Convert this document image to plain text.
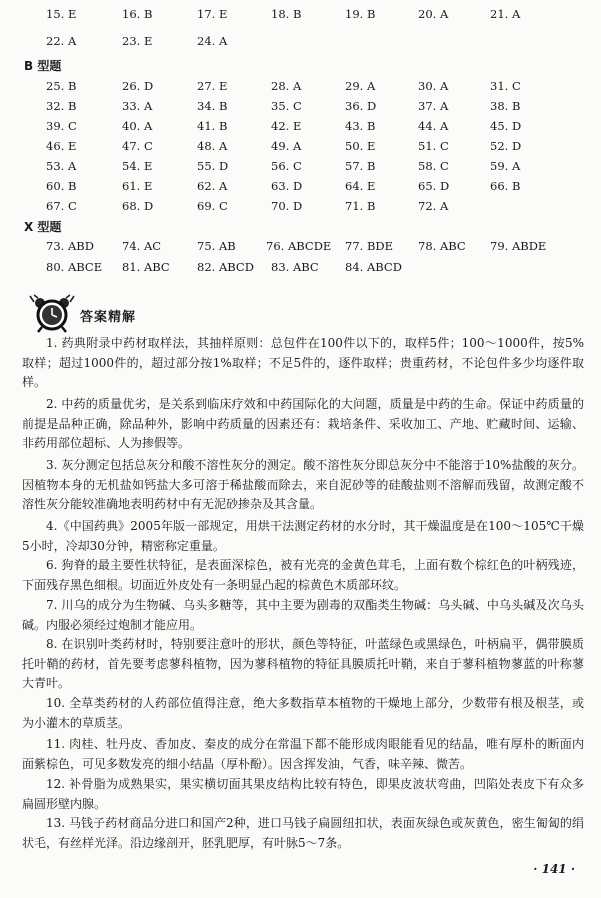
15. E	16. B	17. E	18. B	19. B	20. A	21. A
22. A	23. E	24. A
B 型题
25. B	26. D	27. E	28. A	29. A	30. A	31. C
32. B	33. A	34. B	35. C	36. D	37. A	38. B
39. C	40. A	41. B	42. E	43. B	44. A	45. D
46. E	47. C	48. A	49. A	50. E	51. C	52. D
53. A	54. E	55. D	56. C	57. B	58. C	59. A
60. B	61. E	62. A	63. D	64. E	65. D	66. B
67. C	68. D	69. C	70. D	71. B	72. A
X 型题
73. ABD 74. AC	75. AB	76. ABCDE 77. BDE 78. ABC 79. ABDE
80. ABCE 81. ABC 82. ABCD 83. ABC 84. ABCD
答案精解

1. 药典附录中药材取样法，其抽样原则：总包件在100件以下的，取样5件；100～1000件，按5%取样；超过1000件的，超过部分按1%取样；不足5件的，逐件取样；贵重药材，不论包件多少均逐件取样。

2. 中药的质量优劣，是关系到临床疗效和中药国际化的大问题，质量是中药的生命。保证中药质量的前提是品种正确，除品种外，影响中药质量的因素还有：栽培条件、采收加工、产地、贮藏时间、运输、非药用部位超标、人为掺假等。

3. 灰分测定包括总灰分和酸不溶性灰分的测定。酸不溶性灰分即总灰分中不能溶于10%盐酸的灰分。因植物本身的无机盐如钙盐大多可溶于稀盐酸而除去，来自泥砂等的硅酸盐则不溶解而残留，故测定酸不溶性灰分能较准确地表明药材中有无泥砂掺杂及其含量。

4.《中国药典》2005年版一部规定，用烘干法测定药材的水分时，其干燥温度是在100～105℃干燥5小时，冷却30分钟，精密称定重量。

6. 狗脊的最主要性状特征，是表面深棕色，被有光亮的金黄色茸毛，上面有数个棕红色的叶柄残迹，下面残存黑色细根。切面近外皮处有一条明显凸起的棕黄色木质部环纹。

7. 川乌的成分为生物碱、乌头多糖等，其中主要为剧毒的双酯类生物碱：乌头碱、中乌头碱及次乌头碱。内服必须经过炮制才能应用。

8. 在识别叶类药材时，特别要注意叶的形状，颜色等特征，叶蓝绿色或黑绿色，叶柄扁平，偶带膜质托叶鞘的药材，首先要考虑蓼科植物，因为蓼科植物的特征具膜质托叶鞘，来自于蓼科植物蓼蓝的叶称蓼大青叶。

10. 全草类药材的人药部位值得注意，绝大多数指草本植物的干燥地上部分，少数带有根及根茎，或为小灌木的草质茎。

11. 肉桂、牡丹皮、香加皮、秦皮的成分在常温下都不能形成肉眼能看见的结晶，唯有厚朴的断面内面紫棕色，可见多数发亮的细小结晶（厚朴酚）。因含挥发油，气香，味辛辣、微苦。

12. 补骨脂为成熟果实，果实横切面其果皮结构比较有特色，即果皮波状弯曲，凹陷处表皮下有众多扁圆形壁内腺。

13. 马钱子药材商品分进口和国产2种，进口马钱子扁圆纽扣状，表面灰绿色或灰黄色，密生匍匐的绢状毛，有丝样光泽。沿边缘剖开，胚乳肥厚，有叶脉5～7条。

· 141 ·
